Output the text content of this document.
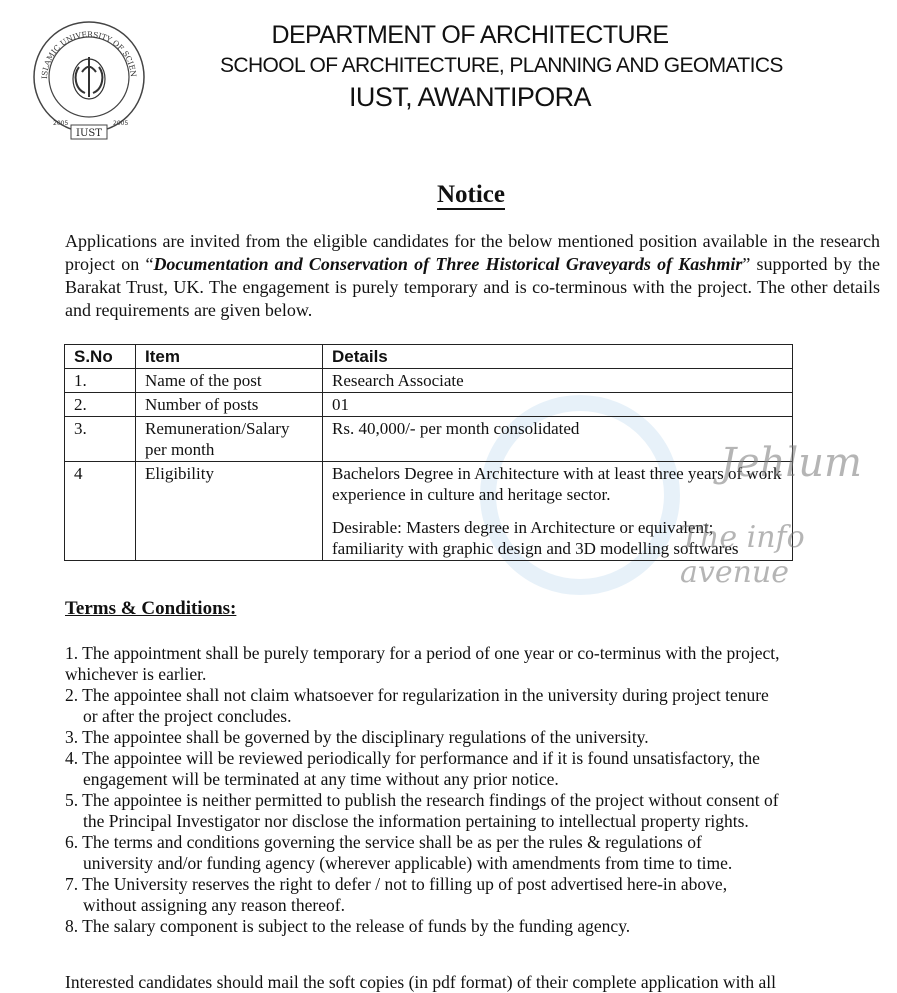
ISLAMIC UNIVERSITY OF SCIEN
2005	2005
IUST
DEPARTMENT OF ARCHITECTURE
SCHOOL OF ARCHITECTURE, PLANNING AND GEOMATICS
IUST, AWANTIPORA
Notice
Applications are invited from the eligible candidates for the below mentioned position available in the research project on “Documentation and Conservation of Three Historical Graveyards of Kashmir” supported by the Barakat Trust, UK. The engagement is purely temporary and is co-terminous with the project. The other details and requirements are given below.
S.No	Item	Details
1.	Name of the post	Research Associate
2.	Number of posts	01
3.	Remuneration/Salary per month	Rs. 40,000/- per month consolidated
4	Eligibility	Bachelors Degree in Architecture with at least three years of work experience in culture and heritage sector.
Desirable: Masters degree in Architecture or equivalent; familiarity with graphic design and 3D modelling softwares
Jehlum
The info avenue
Terms & Conditions:
1. The appointment shall be purely temporary for a period of one year or co-terminus with the project,
whichever is earlier.
2. The appointee shall not claim whatsoever for regularization in the university during project tenure
or after the project concludes.
3. The appointee shall be governed by the disciplinary regulations of the university.
4. The appointee will be reviewed periodically for performance and if it is found unsatisfactory, the
engagement will be terminated at any time without any prior notice.
5. The appointee is neither permitted to publish the research findings of the project without consent of
the Principal Investigator nor disclose the information pertaining to intellectual property rights.
6. The terms and conditions governing the service shall be as per the rules & regulations of
university and/or funding agency (wherever applicable) with amendments from time to time.
7. The University reserves the right to defer / not to filling up of post advertised here-in above,
without assigning any reason thereof.
8. The salary component is subject to the release of funds by the funding agency.
Interested candidates should mail the soft copies (in pdf format) of their complete application with all
